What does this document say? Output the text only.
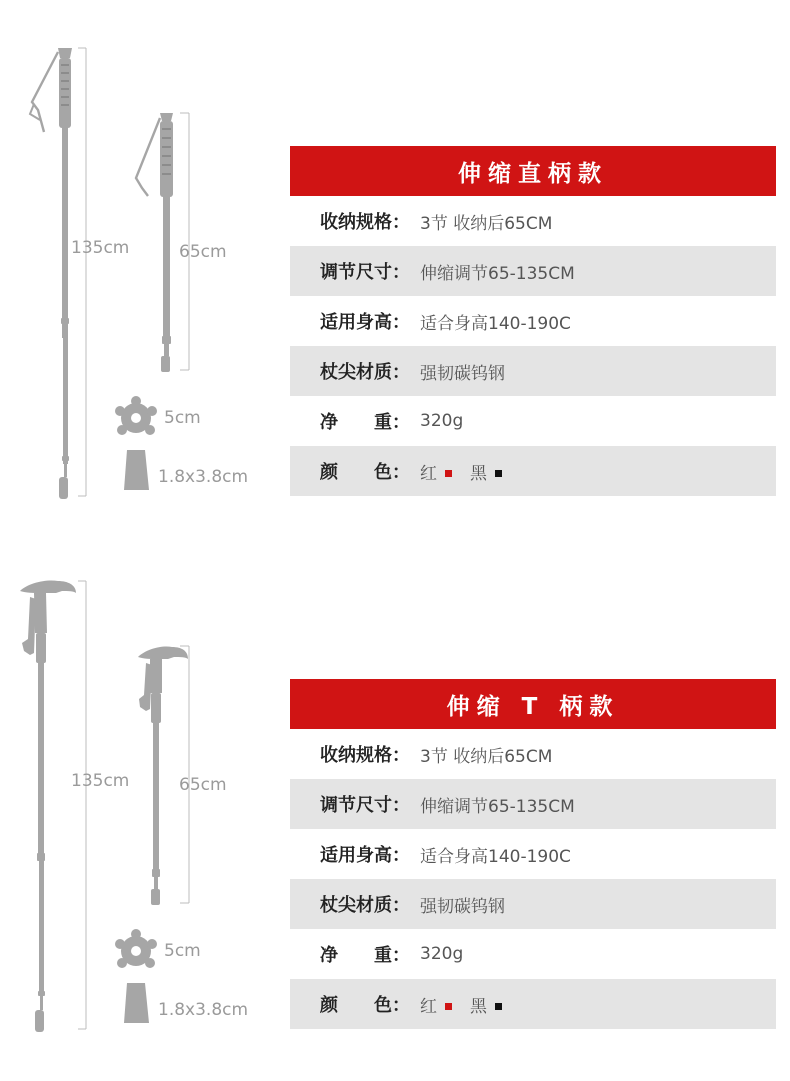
135cm	65cm
5cm
1.8x3.8cm
伸缩直柄款
收纳规格： 3节 收纳后65CM
调节尺寸： 伸缩调节65-135CM
适用身高： 适合身高140-190C
杖尖材质： 强韧碳钨钢
净　　重： 320g
颜　　色： 红 黑
135cm	65cm
5cm
1.8x3.8cm
伸缩 T 柄款
收纳规格： 3节 收纳后65CM
调节尺寸： 伸缩调节65-135CM
适用身高： 适合身高140-190C
杖尖材质： 强韧碳钨钢
净　　重： 320g
颜　　色： 红 黑
